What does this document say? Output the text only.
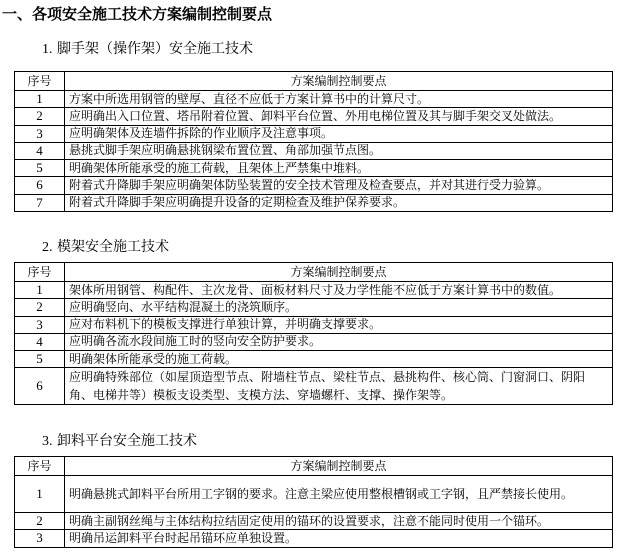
一、各项安全施工技术方案编制控制要点
1. 脚手架（操作架）安全施工技术
序号	方案编制控制要点
1	方案中所选用钢管的壁厚、直径不应低于方案计算书中的计算尺寸。
2	应明确出入口位置、塔吊附着位置、卸料平台位置、外用电梯位置及其与脚手架交叉处做法。
3	应明确架体及连墙件拆除的作业顺序及注意事项。
4	悬挑式脚手架应明确悬挑钢梁布置位置、角部加强节点图。
5	明确架体所能承受的施工荷载，且架体上严禁集中堆料。
6	附着式升降脚手架应明确架体防坠装置的安全技术管理及检查要点，并对其进行受力验算。
7	附着式升降脚手架应明确提升设备的定期检查及维护保养要求。
2. 模架安全施工技术
序号	方案编制控制要点
1	架体所用钢管、构配件、主次龙骨、面板材料尺寸及力学性能不应低于方案计算书中的数值。
2	应明确竖向、水平结构混凝土的浇筑顺序。
3	应对布料机下的模板支撑进行单独计算，并明确支撑要求。
4	应明确各流水段间施工时的竖向安全防护要求。
5	明确架体所能承受的施工荷载。
6	应明确特殊部位（如屋顶造型节点、附墙柱节点、梁柱节点、悬挑构件、核心筒、门窗洞口、阴阳角、电梯井等）模板支设类型、支模方法、穿墙螺杆、支撑、操作架等。
3. 卸料平台安全施工技术
序号	方案编制控制要点
1	明确悬挑式卸料平台所用工字钢的要求。注意主梁应使用整根槽钢或工字钢，且严禁接长使用。
2	明确主副钢丝绳与主体结构拉结固定使用的锚环的设置要求，注意不能同时使用一个锚环。
3	明确吊运卸料平台时起吊锚环应单独设置。
